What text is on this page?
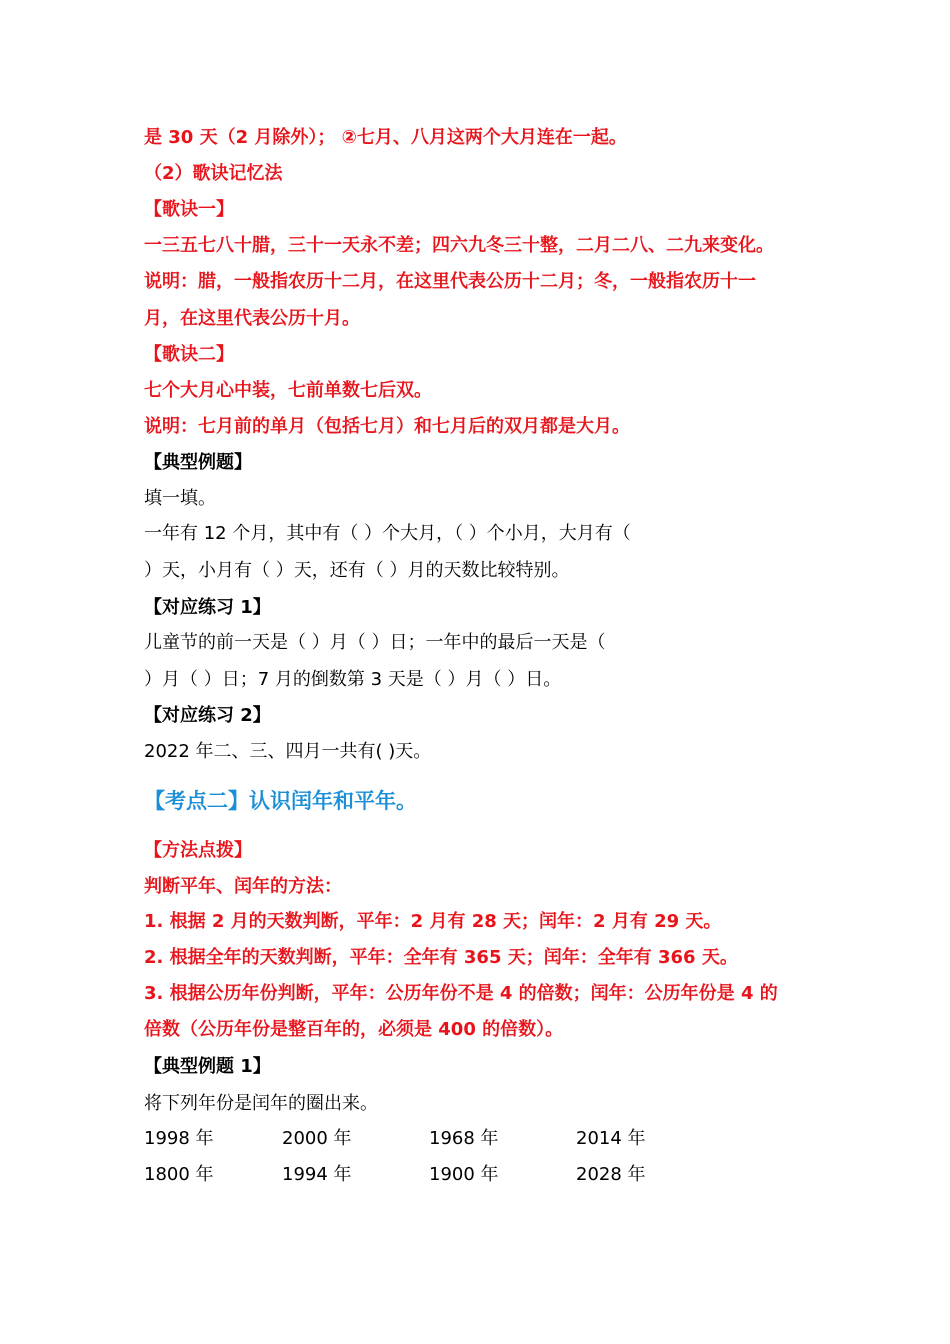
是 30 天（2 月除外）； ②七月、八月这两个大月连在一起。
（2）歌诀记忆法
【歌诀一】
一三五七八十腊，三十一天永不差；四六九冬三十整，二月二八、二九来变化。
说明：腊，一般指农历十二月，在这里代表公历十二月；冬，一般指农历十一
月，在这里代表公历十月。
【歌诀二】
七个大月心中装，七前单数七后双。
说明：七月前的单月（包括七月）和七月后的双月都是大月。
【典型例题】
填一填。
一年有 12 个月，其中有（ ）个大月，（ ）个小月，大月有（
）天，小月有（ ）天，还有（ ）月的天数比较特别。
【对应练习 1】
儿童节的前一天是（ ）月（ ）日；一年中的最后一天是（
）月（ ）日；7 月的倒数第 3 天是（ ）月（ ）日。
【对应练习 2】
2022 年二、三、四月一共有( )天。
【考点二】认识闰年和平年。
【方法点拨】
判断平年、闰年的方法：
1. 根据 2 月的天数判断，平年：2 月有 28 天；闰年：2 月有 29 天。
2. 根据全年的天数判断，平年：全年有 365 天；闰年：全年有 366 天。
3. 根据公历年份判断，平年：公历年份不是 4 的倍数；闰年：公历年份是 4 的
倍数（公历年份是整百年的，必须是 400 的倍数）。
【典型例题 1】
将下列年份是闰年的圈出来。
1998 年	2000 年	1968 年	2014 年
1800 年	1994 年	1900 年	2028 年
